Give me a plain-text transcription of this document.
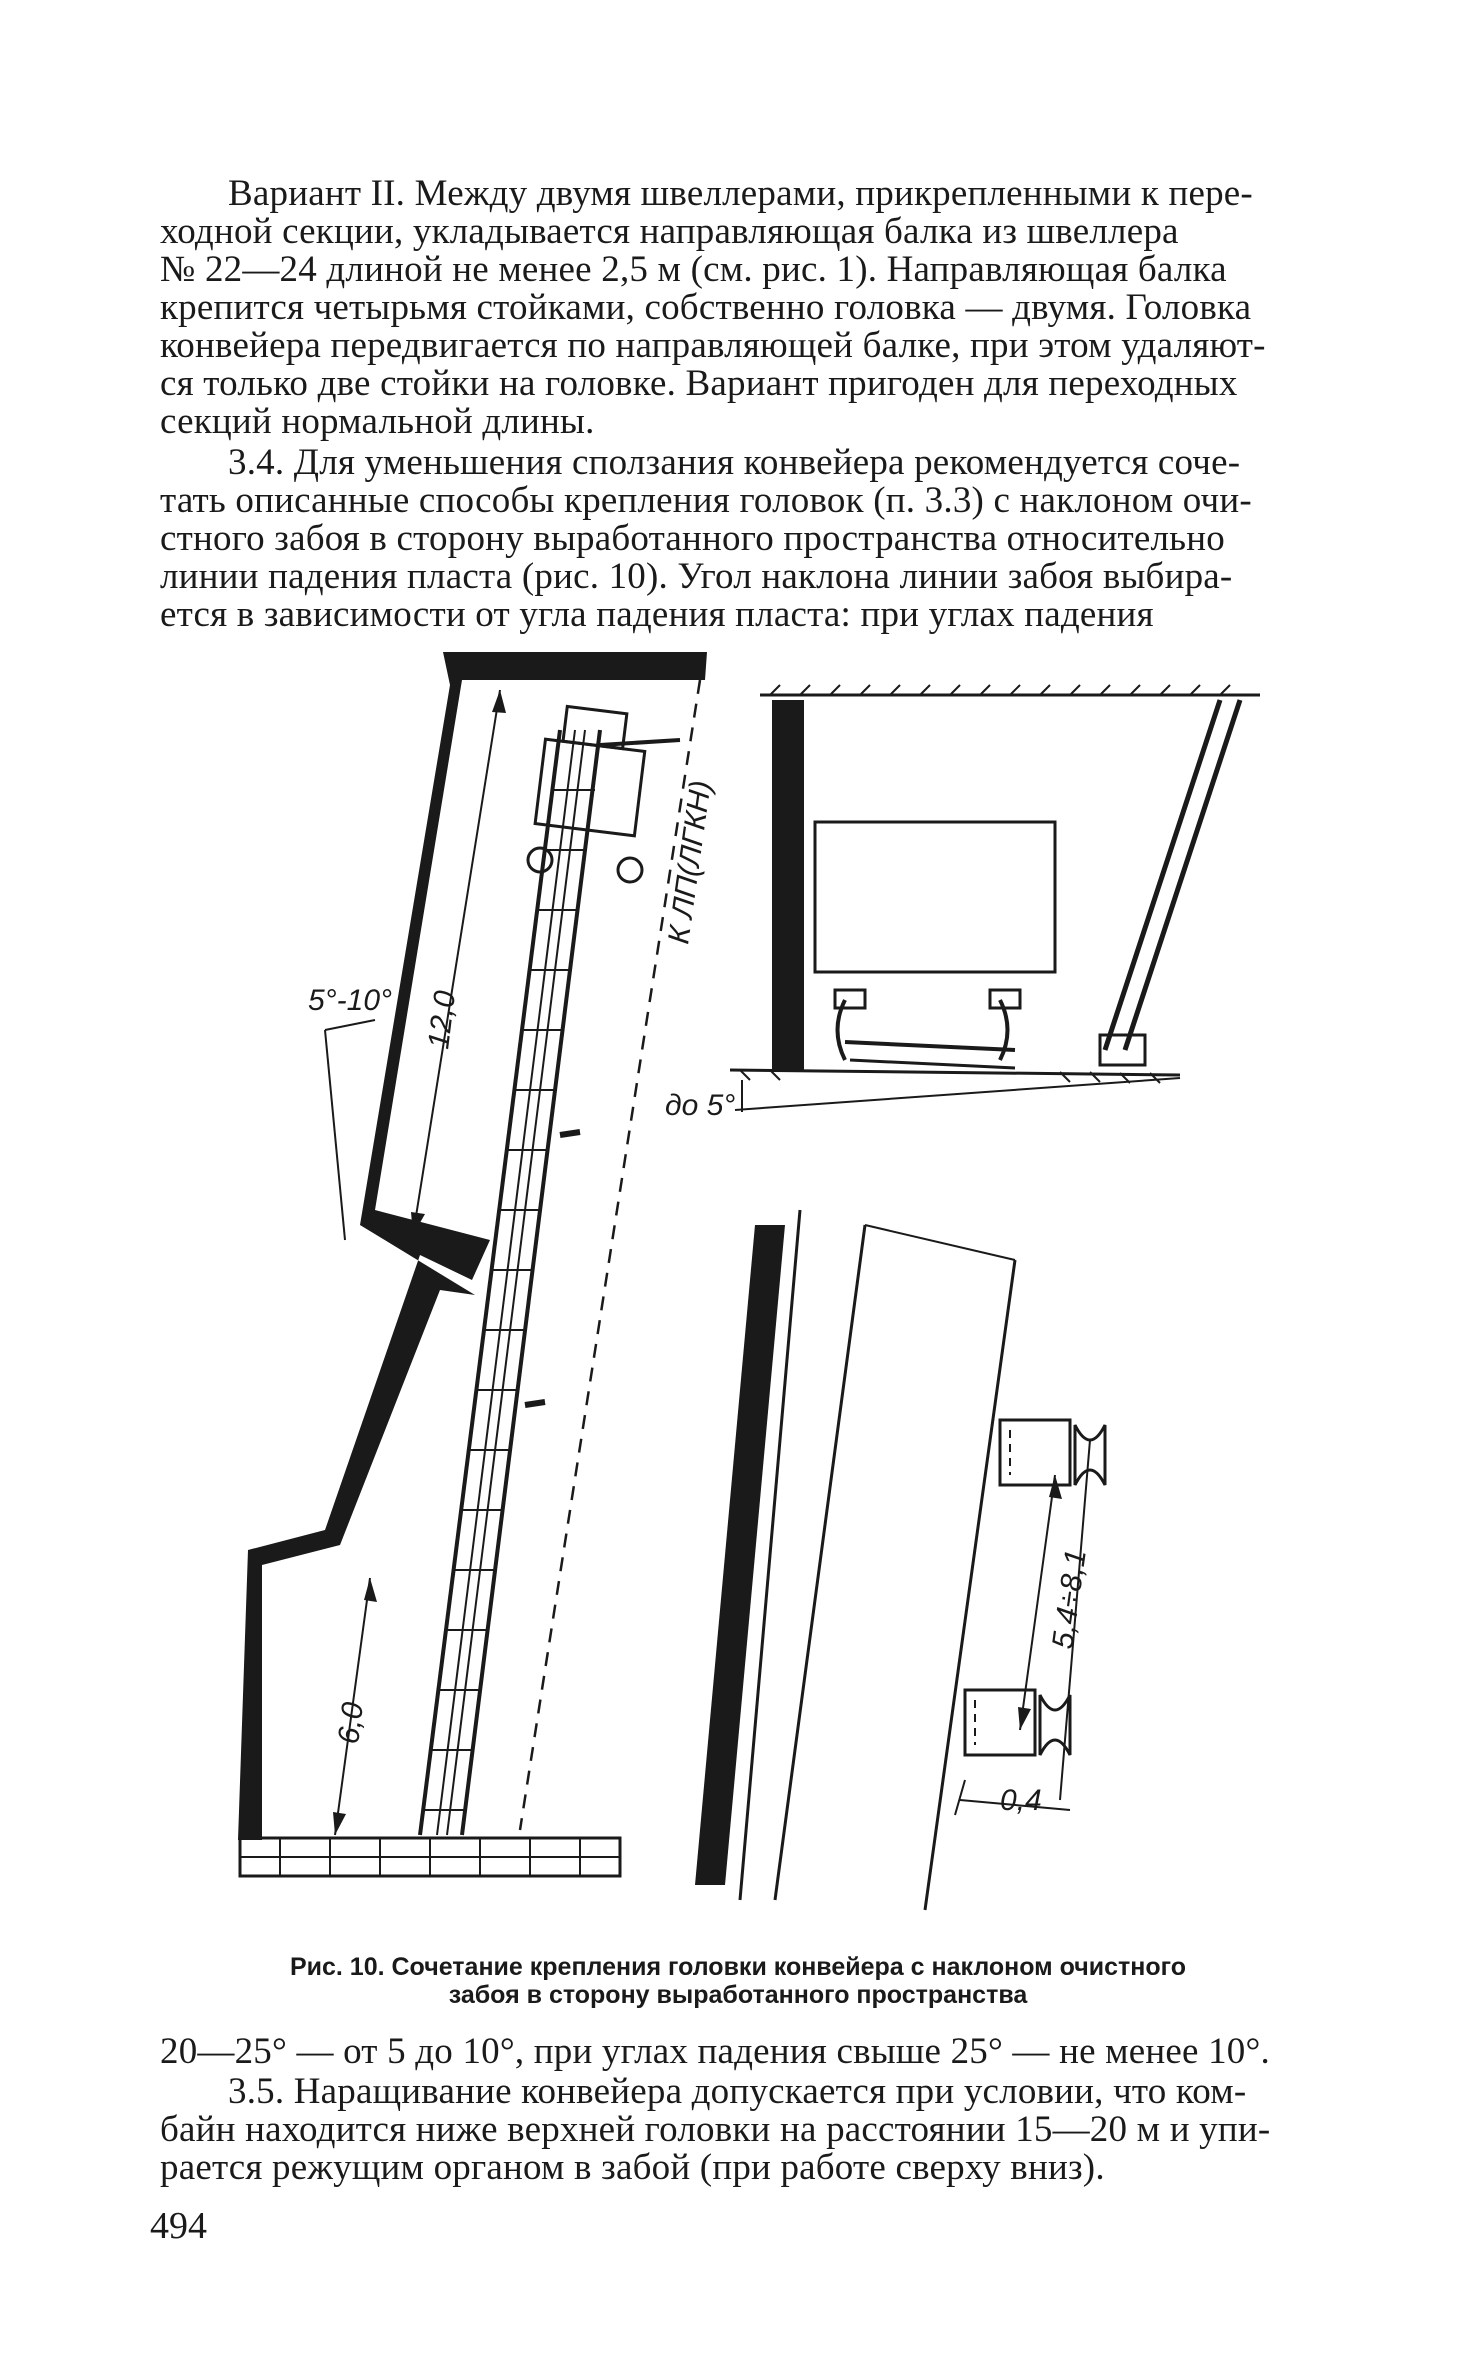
Вариант II. Между двумя швеллерами, прикрепленными к пере-
ходной секции, укладывается направляющая балка из швеллера
№ 22—24 длиной не менее 2,5 м (см. рис. 1). Направляющая балка
крепится четырьмя стойками, собственно головка — двумя. Головка
конвейера передвигается по направляющей балке, при этом удаляют-
ся только две стойки на головке. Вариант пригоден для переходных
секций нормальной длины.
3.4. Для уменьшения сползания конвейера рекомендуется соче-
тать описанные способы крепления головок (п. 3.3) с наклоном очи-
стного забоя в сторону выработанного пространства относительно
линии падения пласта (рис. 10). Угол наклона линии забоя выбира-
ется в зависимости от угла падения пласта: при углах падения
5°-10° 12,0
6,0
К ЛП(ЛГКН)
до 5°
5,4÷8,1
0,4
Рис. 10. Сочетание крепления головки конвейера с наклоном очистного
забоя в сторону выработанного пространства
20—25° — от 5 до 10°, при углах падения свыше 25° — не менее 10°.
3.5. Наращивание конвейера допускается при условии, что ком-
байн находится ниже верхней головки на расстоянии 15—20 м и упи-
рается режущим органом в забой (при работе сверху вниз).
494
